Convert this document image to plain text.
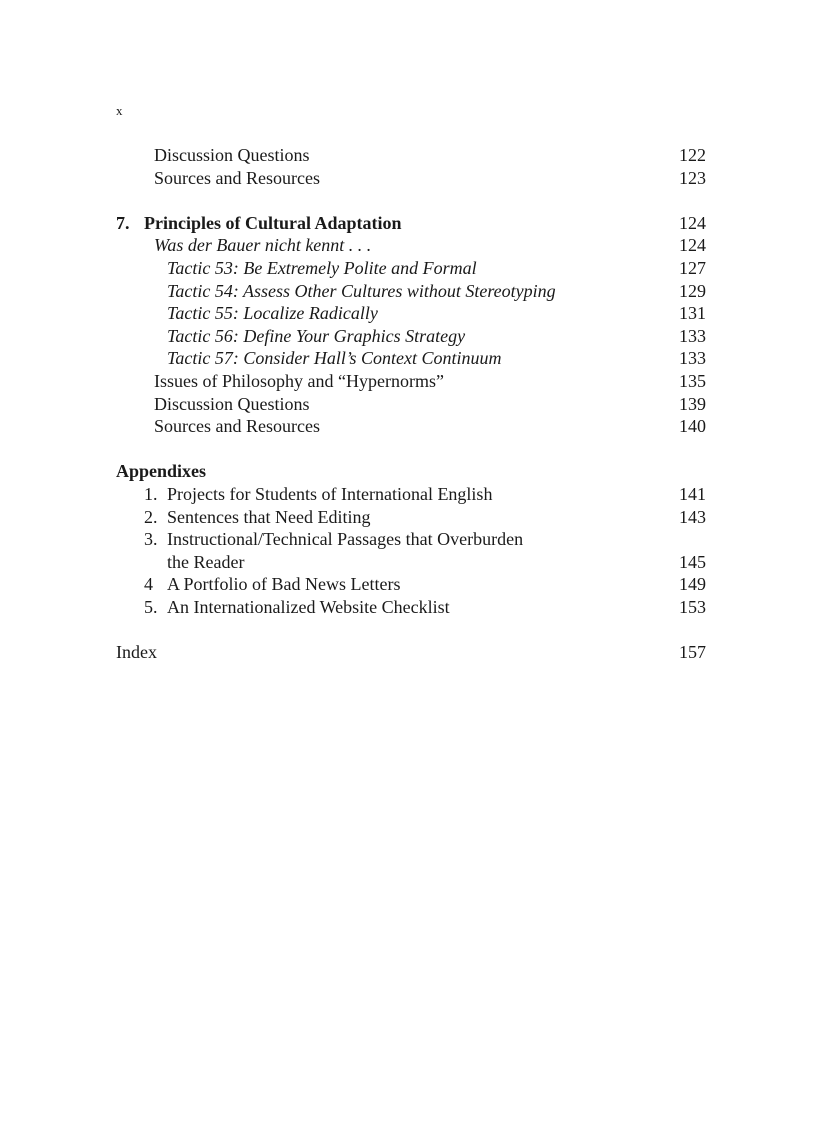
x
Discussion Questions	122
Sources and Resources	123
7. Principles of Cultural Adaptation	124
Was der Bauer nicht kennt . . .	124
Tactic 53: Be Extremely Polite and Formal	127
Tactic 54: Assess Other Cultures without Stereotyping	129
Tactic 55: Localize Radically	131
Tactic 56: Define Your Graphics Strategy	133
Tactic 57: Consider Hall’s Context Continuum	133
Issues of Philosophy and “Hypernorms”	135
Discussion Questions	139
Sources and Resources	140
Appendixes
1. Projects for Students of International English	141
2. Sentences that Need Editing	143
3. Instructional/Technical Passages that Overburden
the Reader	145
4 A Portfolio of Bad News Letters	149
5. An Internationalized Website Checklist	153
Index	157
